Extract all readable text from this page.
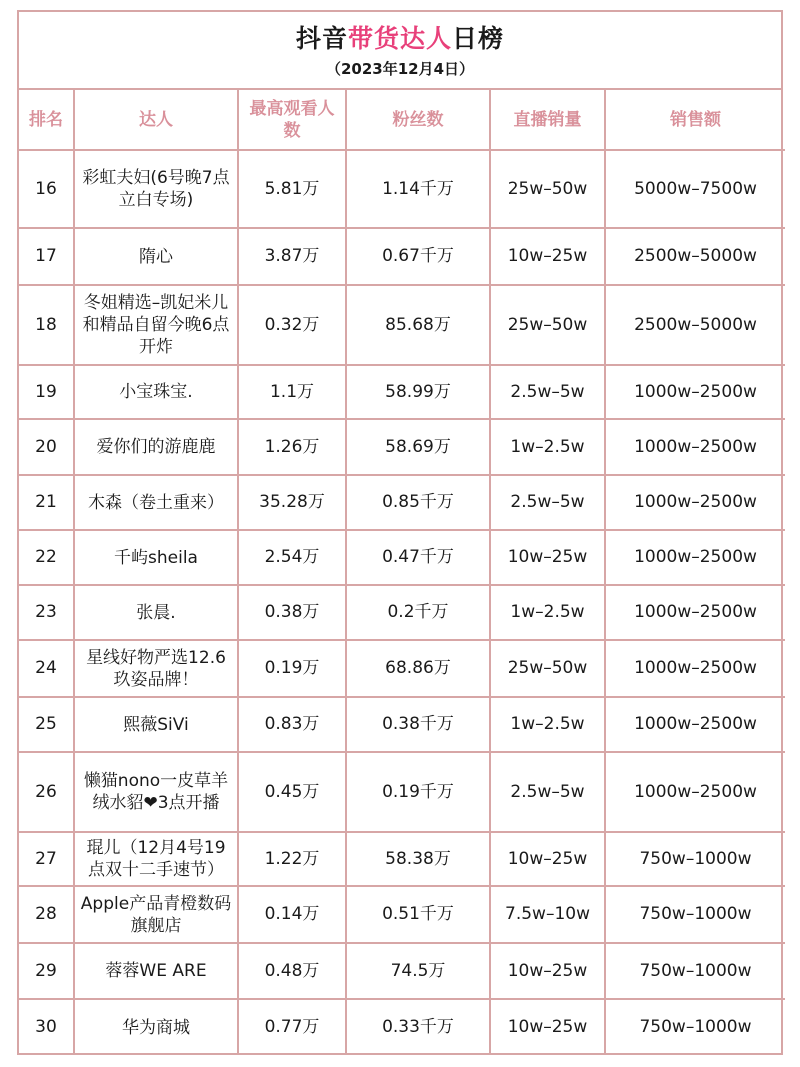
抖音带货达人日榜
（2023年12月4日）
排名	达人	最高观看人数	粉丝数	直播销量	销售额
16	彩虹夫妇(6号晚7点立白专场)	5.81万	1.14千万	25w–50w	5000w–7500w
17	隋心	3.87万	0.67千万	10w–25w	2500w–5000w
18	冬姐精选–凯妃米儿和精品自留今晚6点开炸	0.32万	85.68万	25w–50w	2500w–5000w
19	小宝珠宝.	1.1万	58.99万	2.5w–5w	1000w–2500w
20	爱你们的游鹿鹿	1.26万	58.69万	1w–2.5w	1000w–2500w
21	木森（卷土重来）	35.28万	0.85千万	2.5w–5w	1000w–2500w
22	千屿sheila	2.54万	0.47千万	10w–25w	1000w–2500w
23	张晨.	0.38万	0.2千万	1w–2.5w	1000w–2500w
24	星线好物严选12.6 玖姿品牌！	0.19万	68.86万	25w–50w	1000w–2500w
25	熙薇SiVi	0.83万	0.38千万	1w–2.5w	1000w–2500w
26	懒猫nono一皮草羊绒水貂❤3点开播	0.45万	0.19千万	2.5w–5w	1000w–2500w
27	琨儿（12月4号19点双十二手速节）	1.22万	58.38万	10w–25w	750w–1000w
28	Apple产品青橙数码旗舰店	0.14万	0.51千万	7.5w–10w	750w–1000w
29	蓉蓉WE ARE	0.48万	74.5万	10w–25w	750w–1000w
30	华为商城	0.77万	0.33千万	10w–25w	750w–1000w
